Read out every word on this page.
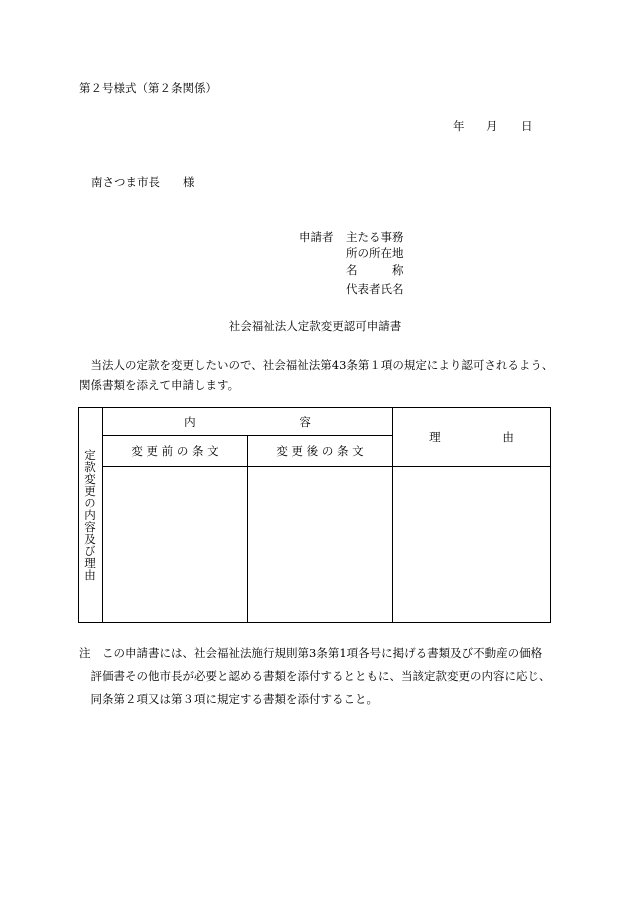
第２号様式（第２条関係）
年 月 日
南さつま市長　　様
申請者 主たる事務
所の所在地
名　　　称
代表者氏名
社会福祉法人定款変更認可申請書
　当法人の定款を変更したいので、社会福祉法第43条第１項の規定により認可されるよう、
関係書類を添えて申請します。
定款変更の内容及び理由	内 容		理 由
	変 更 前 の 条 文	変 更 後 の 条 文	

注　この申請書には、社会福祉法施行規則第3条第1項各号に掲げる書類及び不動産の価格
　評価書その他市長が必要と認める書類を添付するとともに、当該定款変更の内容に応じ、
　同条第２項又は第３項に規定する書類を添付すること。
